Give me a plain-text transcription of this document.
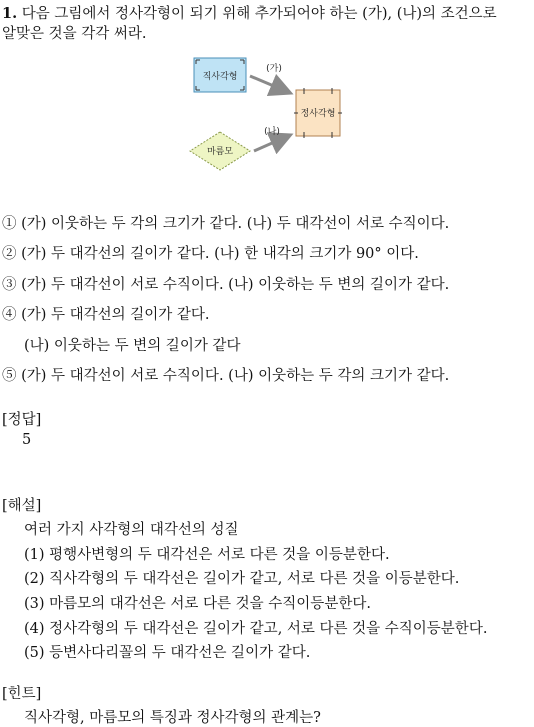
1. 다음 그림에서 정사각형이 되기 위해 추가되어야 하는 (가), (나)의 조건으로
알맞은 것을 각각 써라.
직사각형
마름모
정사각형
(가)
(나)
① (가) 이웃하는 두 각의 크기가 같다. (나) 두 대각선이 서로 수직이다.
② (가) 두 대각선의 길이가 같다. (나) 한 내각의 크기가 90° 이다.
③ (가) 두 대각선이 서로 수직이다. (나) 이웃하는 두 변의 길이가 같다.
④ (가) 두 대각선의 길이가 같다.
(나) 이웃하는 두 변의 길이가 같다
⑤ (가) 두 대각선이 서로 수직이다. (나) 이웃하는 두 각의 크기가 같다.
[정답]
5
[해설]
여러 가지 사각형의 대각선의 성질
(1) 평행사변형의 두 대각선은 서로 다른 것을 이등분한다.
(2) 직사각형의 두 대각선은 길이가 같고, 서로 다른 것을 이등분한다.
(3) 마름모의 대각선은 서로 다른 것을 수직이등분한다.
(4) 정사각형의 두 대각선은 길이가 같고, 서로 다른 것을 수직이등분한다.
(5) 등변사다리꼴의 두 대각선은 길이가 같다.
[힌트]
직사각형, 마름모의 특징과 정사각형의 관계는?
